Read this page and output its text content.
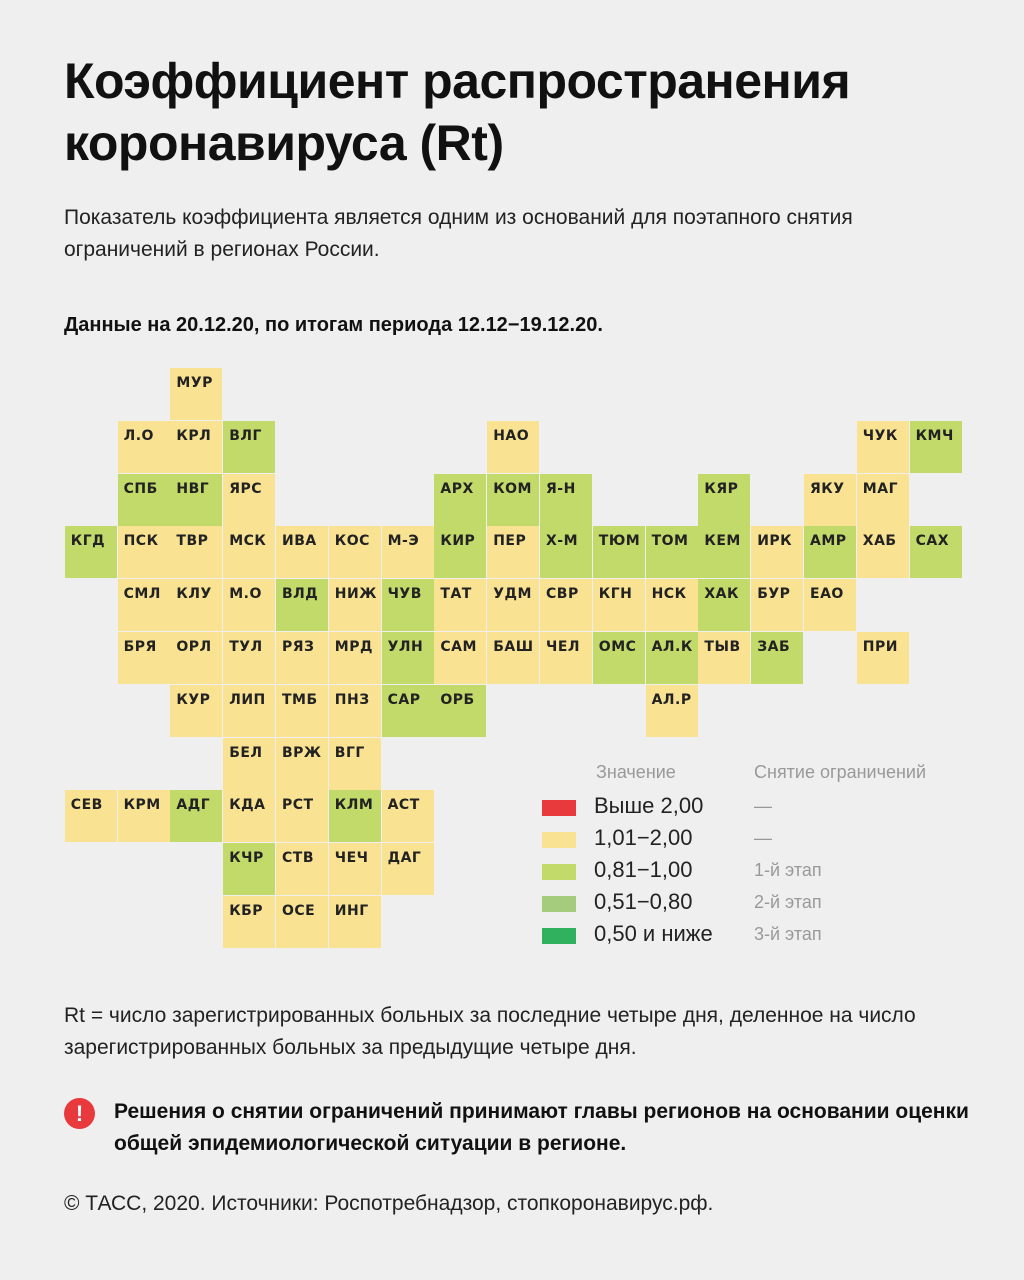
Коэффициент распространения коронавируса (Rt)
Показатель коэффициента является одним из оснований для поэтапного снятия ограничений в регионах России.
Данные на 20.12.20, по итогам периода 12.12−19.12.20.
МУР
Л.О КРЛ ВЛГ	НАО	ЧУК КМЧ
СПБ НВГ ЯРС	АРХ КОМ Я-Н	КЯР	ЯКУ МАГ
КГД ПСК ТВР МСК ИВА КОС М-Э КИР ПЕР Х-М ТЮМ ТОМ КЕМ ИРК АМР ХАБ САХ
СМЛ КЛУ М.О ВЛД НИЖ ЧУВ ТАТ УДМ СВР КГН НСК ХАК БУР ЕАО
БРЯ ОРЛ ТУЛ РЯЗ МРД УЛН САМ БАШ ЧЕЛ ОМС АЛ.К ТЫВ ЗАБ	ПРИ
КУР ЛИП ТМБ ПНЗ САР ОРБ	АЛ.Р
БЕЛ ВРЖ ВГГ
СЕВ КРМ АДГ КДА РСТ КЛМ АСТ
КЧР СТВ ЧЕЧ ДАГ
КБР ОСЕ ИНГ
Значение	Снятие ограничений
Выше 2,00	—
1,01−2,00	—
0,81−1,00	1-й этап
0,51−0,80	2-й этап
0,50 и ниже 3-й этап
Rt = число зарегистрированных больных за последние четыре дня, деленное на число зарегистрированных больных за предыдущие четыре дня.
!	Решения о снятии ограничений принимают главы регионов на основании оценки общей эпидемиологической ситуации в регионе.
© ТАСС, 2020. Источники: Роспотребнадзор, стопкоронавирус.рф.
